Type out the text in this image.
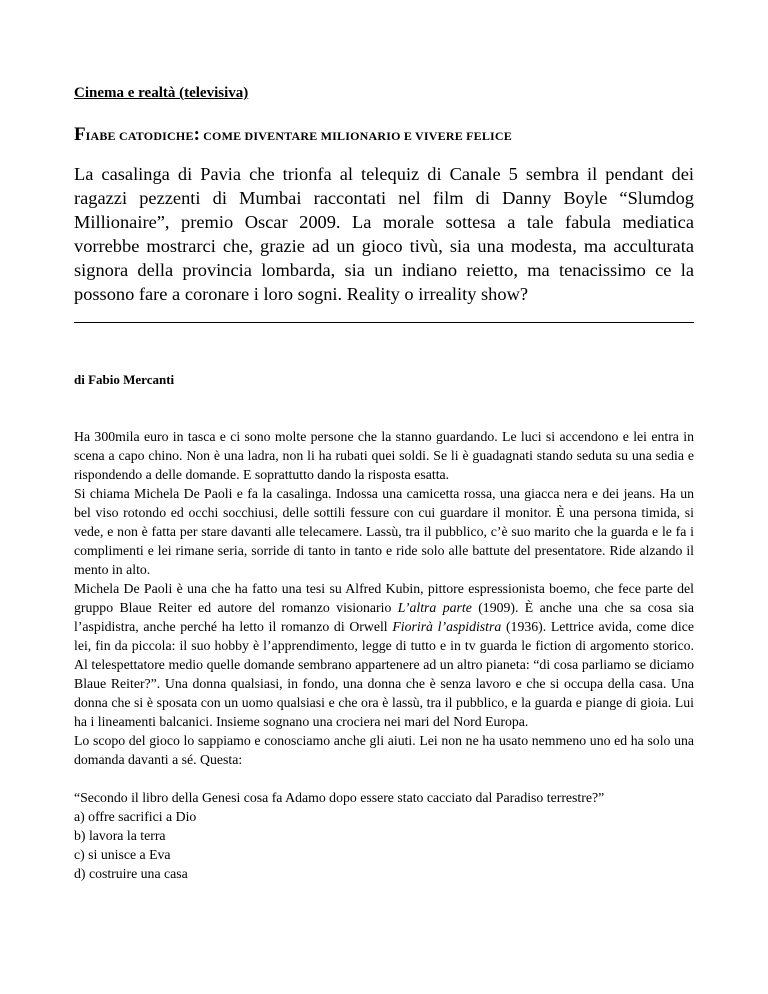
Cinema e realtà (televisiva)
FIABE CATODICHE: COME DIVENTARE MILIONARIO E VIVERE FELICE

La casalinga di Pavia che trionfa al telequiz di Canale 5 sembra il pendant dei ragazzi pezzenti di Mumbai raccontati nel film di Danny Boyle “Slumdog Millionaire”, premio Oscar 2009. La morale sottesa a tale fabula mediatica vorrebbe mostrarci che, grazie ad un gioco tivù, sia una modesta, ma acculturata signora della provincia lombarda, sia un indiano reietto, ma tenacissimo ce la possono fare a coronare i loro sogni. Reality o irreality show?

di Fabio Mercanti

Ha 300mila euro in tasca e ci sono molte persone che la stanno guardando. Le luci si accendono e lei entra in scena a capo chino. Non è una ladra, non li ha rubati quei soldi. Se li è guadagnati stando seduta su una sedia e rispondendo a delle domande. E soprattutto dando la risposta esatta.

Si chiama Michela De Paoli e fa la casalinga. Indossa una camicetta rossa, una giacca nera e dei jeans. Ha un bel viso rotondo ed occhi socchiusi, delle sottili fessure con cui guardare il monitor. È una persona timida, si vede, e non è fatta per stare davanti alle telecamere. Lassù, tra il pubblico, c’è suo marito che la guarda e le fa i complimenti e lei rimane seria, sorride di tanto in tanto e ride solo alle battute del presentatore. Ride alzando il mento in alto.

Michela De Paoli è una che ha fatto una tesi su Alfred Kubin, pittore espressionista boemo, che fece parte del gruppo Blaue Reiter ed autore del romanzo visionario L’altra parte (1909). È anche una che sa cosa sia l’aspidistra, anche perché ha letto il romanzo di Orwell Fiorirà l’aspidistra (1936). Lettrice avida, come dice lei, fin da piccola: il suo hobby è l’apprendimento, legge di tutto e in tv guarda le fiction di argomento storico. Al telespettatore medio quelle domande sembrano appartenere ad un altro pianeta: “di cosa parliamo se diciamo Blaue Reiter?”. Una donna qualsiasi, in fondo, una donna che è senza lavoro e che si occupa della casa. Una donna che si è sposata con un uomo qualsiasi e che ora è lassù, tra il pubblico, e la guarda e piange di gioia. Lui ha i lineamenti balcanici. Insieme sognano una crociera nei mari del Nord Europa.

Lo scopo del gioco lo sappiamo e conosciamo anche gli aiuti. Lei non ne ha usato nemmeno uno ed ha solo una domanda davanti a sé. Questa:

“Secondo il libro della Genesi cosa fa Adamo dopo essere stato cacciato dal Paradiso terrestre?”

a) offre sacrifici a Dio

b) lavora la terra

c) si unisce a Eva

d) costruire una casa
